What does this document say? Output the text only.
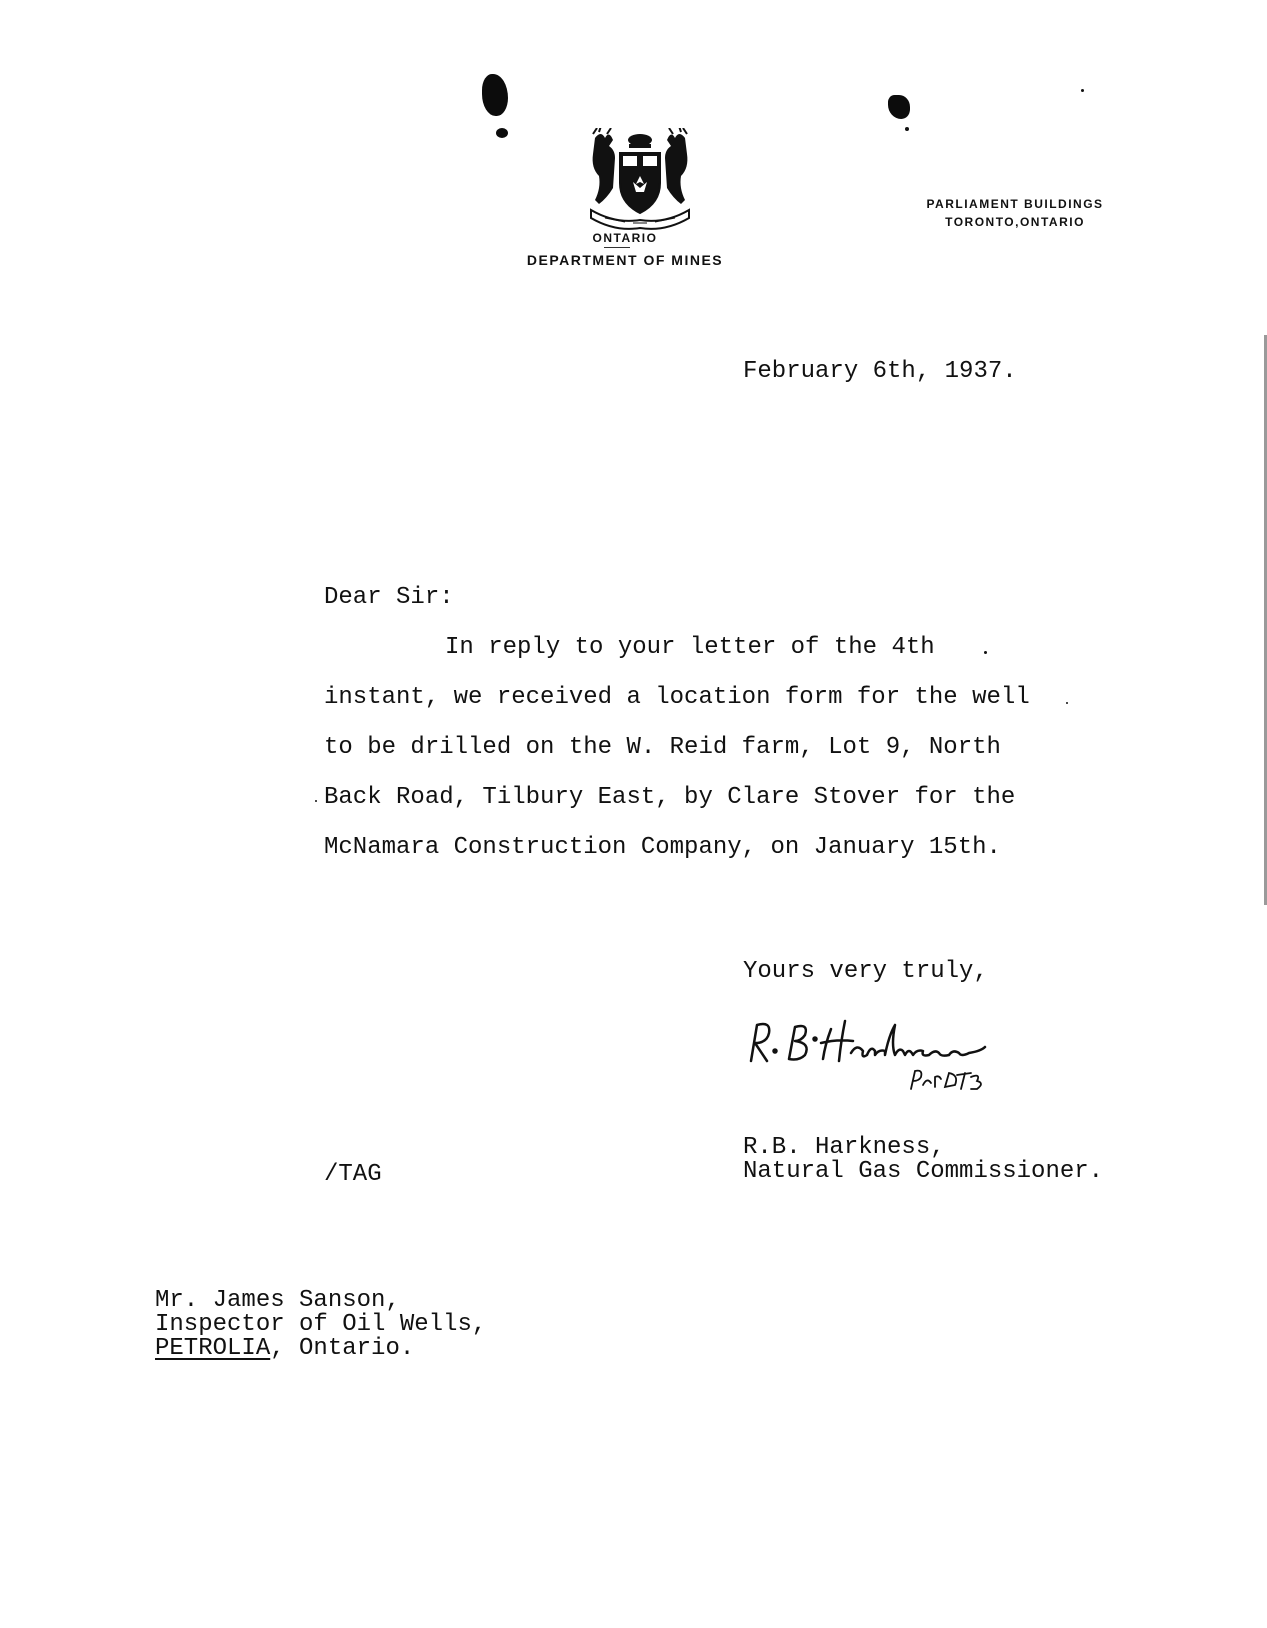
ONTARIO
DEPARTMENT OF MINES
PARLIAMENT BUILDINGS
TORONTO,ONTARIO
February 6th, 1937.
Dear Sir:
In reply to your letter of the 4th
instant, we received a location form for the well
to be drilled on the W. Reid farm, Lot 9, North
Back Road, Tilbury East, by Clare Stover for the
McNamara Construction Company, on January 15th.
Yours very truly,
R.B. Harkness,
Natural Gas Commissioner.
/TAG
Mr. James Sanson,
Inspector of Oil Wells,
PETROLIA, Ontario.
